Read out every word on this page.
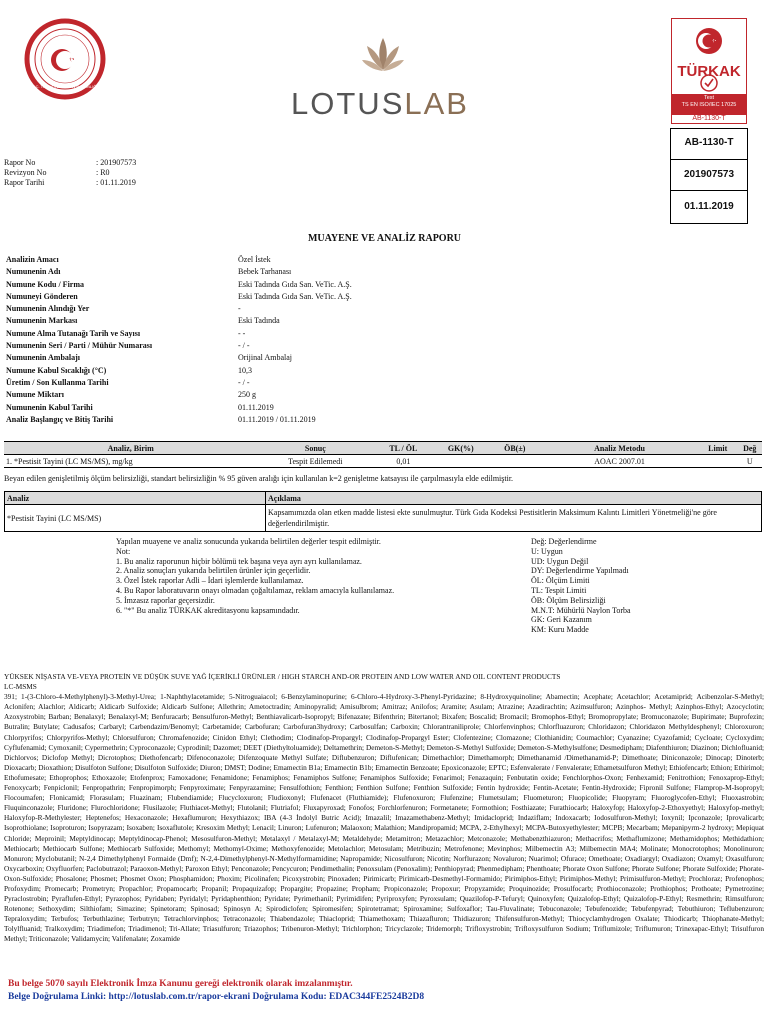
T.C. TARIM VE ORMAN BAKANLIĞI	LOTUSLAB
TÜRKAK
Test
TS EN ISO/IEC 17025
AB-1130-T
AB-1130-T
201907573
01.11.2019
Rapor No	: 201907573
Revizyon No	: R0
Rapor Tarihi	: 01.11.2019
MUAYENE VE ANALİZ RAPORU
Analizin Amacı	Özel İstek
Numunenin Adı	Bebek Tarhanası
Numune Kodu / Firma	Eski Tadında Gıda San. VeTic. A.Ş.
Numuneyi Gönderen	Eski Tadında Gıda San. VeTic. A.Ş.
Numunenin Alındığı Yer	-
Numunenin Markası	Eski Tadında
Numune Alma Tutanağı Tarih ve Sayısı	- -
Numunenin Seri / Parti / Mühür Numarası	- / -
Numunenin Ambalajı	Orijinal Ambalaj
Numune Kabul Sıcaklığı (°C)	10,3
Üretim / Son Kullanma Tarihi	- / -
Numune Miktarı	250 g
Numunenin Kabul Tarihi	01.11.2019
Analiz Başlangıç ve Bitiş Tarihi	01.11.2019 / 01.11.2019
Analiz, Birim	Sonuç	TL / ÖL	GK(%)	ÖB(±)	Analiz Metodu	Limit	Değ
1. *Pestisit Tayini (LC MS/MS), mg/kg	Tespit Edilemedi	0,01			AOAC 2007.01		U
Beyan edilen genişletilmiş ölçüm belirsizliği, standart belirsizliğin % 95 güven aralığı için kullanılan k=2 genişletme katsayısı ile çarpılmasıyla elde edilmiştir.
Analiz	Açıklama
*Pestisit Tayini (LC MS/MS)	Kapsamımızda olan etken madde listesi ekte sunulmuştur. Türk Gıda Kodeksi Pestisitlerin Maksimum Kalıntı Limitleri Yönetmeliği'ne göre değerlendirilmiştir.
Yapılan muayene ve analiz sonucunda yukarıda belirtilen değerler tespit edilmiştir.
Not:
1. Bu analiz raporunun hiçbir bölümü tek başına veya ayrı ayrı kullanılamaz.
2. Analiz sonuçları yukarıda belirtilen ürünler için geçerlidir.
3. Özel İstek raporlar Adli – İdari işlemlerde kullanılamaz.
4. Bu Rapor laboratuvarın onayı olmadan çoğaltılamaz, reklam amacıyla kullanılamaz.
5. İmzasız raporlar geçersizdir.
6. "*" Bu analiz TÜRKAK akreditasyonu kapsamındadır.
Değ: Değerlendirme
U: Uygun
UD: Uygun Değil
DY: Değerlendirme Yapılmadı
ÖL: Ölçüm Limiti
TL: Tespit Limiti
ÖB: Ölçüm Belirsizliği
M.N.T: Mühürlü Naylon Torba
GK: Geri Kazanım
KM: Kuru Madde
YÜKSEK NİŞASTA VE-VEYA PROTEİN VE DÜŞÜK SUVE YAĞ İÇERİKLİ ÜRÜNLER / HIGH STARCH AND-OR PROTEIN AND LOW WATER AND OIL CONTENT PRODUCTS
LC-MSMS
391; 1-(3-Chloro-4-Methylphenyl)-3-Methyl-Urea; 1-Naphthylacetamide; 5-Nitroguaiacol; 6-Benzylaminopurine; 6-Chloro-4-Hydroxy-3-Phenyl-Pyridazine; 8-Hydroxyquinoline; Abamectin; Acephate; Acetachlor; Acetamiprid; Acibenzolar-S-Methyl; Aclonifen; Alachlor; Aldicarb; Aldicarb Sulfoxide; Aldicarb Sulfone; Allethrin; Ametoctradin; Aminopyralid; Amisulbrom; Amitraz; Anilofos; Aramite; Asulam; Atrazine; Azadirachtin; Azimsulfuron; Azinphos- Methyl; Azinphos-Ethyl; Azocyclotin; Azoxystrobin; Barban; Benalaxyl; Benalaxyl-M; Benfuracarb; Bensulfuron-Methyl; Benthiavalicarb-Isopropyl; Bifenazate; Bifenthrin; Bitertanol; Bixafen; Boscalid; Bromacil; Bromophos-Ethyl; Bromopropylate; Bromuconazole; Bupirimate; Buprofezin; Butralin; Butylate; Cadusafos; Carbaryl; Carbendazim/Benomyl; Carbetamide; Carbofuran; Carbofuran3hydroxy; Carbosulfan; Carboxin; Chlorantraniliprole; Chlorfenvinphos; Chlorfluazuron; Chloridazon; Chloridazon Methyldesphenyl; Chloroxuron; Chlorpyrifos; Chlorpyrifos-Methyl; Chlorsulfuron; Chromafenozide; Cinidon Ethyl; Clethodim; Clodinafop-Propargyl; Clodinafop-Propargyl Ester; Clofentezine; Clomazone; Clothianidin; Coumachlor; Cyanazine; Cyazofamid; Cycloate; Cycloxydim; Cyflufenamid; Cymoxanil; Cypermethrin; Cyproconazole; Cyprodinil; Dazomet; DEET (Diethyltoluamide); Deltamethrin; Demeton-S-Methyl; Demeton-S-Methyl Sulfoxide; Demeton-S-Methylsulfone; Desmedipham; Diafenthiuron; Diazinon; Dichlofluanid; Dichlorvos; Diclofop Methyl; Dicrotophos; Diethofencarb; Difenoconazole; Difenzoquate Methyl Sulfate; Diflubenzuron; Diflufenican; Dimethachlor; Dimethamorph; Dimethanamid /Dimethanamid-P; Dimethoate; Diniconazole; Dinocap; Dinoterb; Dioxacarb; Dioxathion; Disulfoton Sulfone; Disulfoton Sulfoxide; Diuron; DMST; Dodine; Emamectin B1a; Emamectin B1b; Emamectin Benzoate; Epoxiconazole; EPTC; Esfenvalerate / Fenvalerate; Ethametsulfuron Methyl; Ethiofencarb; Ethion; Ethirimol; Ethofumesate; Ethoprophos; Ethoxazole; Etofenprox; Famoxadone; Fenamidone; Fenamiphos; Fenamiphos Sulfone; Fenamiphos Sulfoxide; Fenarimol; Fenazaquin; Fenbutatin oxide; Fenchlorphos-Oxon; Fenhexamid; Fenitrothion; Fenoxaprop-Ethyl; Fenoxycarb; Fenpiclonil; Fenpropathrin; Fenpropimorph; Fenpyroximate; Fenpyrazamine; Fensulfothion; Fenthion; Fenthion Sulfone; Fenthion Sulfoxide; Fentin hydroxide; Fentin-Acetate; Fentin-Hydroxide; Fipronil Sulfone; Flamprop-M-Isopropyl; Flocoumafen; Flonicamid; Florasulam; Fluazinam; Flubendiamide; Flucycloxuron; Fludioxonyl; Flufenacet (Fluthiamide); Flufenoxuron; Flufenzine; Flumetsulam; Fluometuron; Fluopicolide; Fluopyram; Fluoroglycofen-Ethyl; Fluoxastrobin; Fluquinconazole; Fluridone; Flurochloridone; Flusilazole; Fluthiacet-Methyl; Flutolanil; Flutriafol; Fluxapyroxad; Fonofos; Forchlorfenuron; Formetanete; Formothion; Fosthiazate; Furathiocarb; Haloxyfop; Haloxyfop-2-Ethoxyethyl; Haloxyfop-methyl; Haloxyfop-R-Methylester; Heptenefos; Hexaconazole; Hexaflumuron; Hexythiazox; IBA (4-3 İndolyl Butric Acid); Imazalil; Imazamethabenz-Methyl; Imidacloprid; Indaziflam; Indoxacarb; Iodosulfuron-Methyl; Ioxynil; Ipconazole; Iprovalicarb; Isoprothiolane; Isoproturon; Isopyrazam; Isoxaben; Isoxaflutole; Kresoxim Methyl; Lenacil; Linuron; Lufenuron; Malaoxon; Malathion; Mandipropamid; MCPA, 2-Ethylhexyl; MCPA-Butoxyethylester; MCPB; Mecarbam; Mepanipyrm-2 hydroxy; Mepiquat Chloride; Meproinil; Meptyldinocap; Meptyldinocap-Phenol; Mesosulfuron-Methyl; Metalaxyl / Metalaxyl-M; Metaldehyde; Metamitron; Metazachlor; Metconazole; Methabenzthiazuron; Methacrifos; Methaflumizone; Methamidophos; Methidathion; Methiocarb; Methiocarb Sulfone; Methiocarb Sulfoxide; Methomyl; Methomyl-Oxime; Methoxyfenozide; Metolachlor; Metosulam; Metribuzin; Metrofenone; Mevinphos; Milbemectin A3; Milbemectin MA4; Molinate; Monocrotophos; Monolinuron; Monuron; Myclobutanil; N-2,4 Dimethylphenyl Formaide (Dmf); N-2,4-Dimethylphenyl-N-Methylformamidine; Napropamide; Nicosulfuron; Nicotin; Norflurazon; Novaluron; Nuarimol; Ofurace; Omethoate; Oxadiargyl; Oxadiazon; Oxamyl; Oxasulfuron; Oxycarboxin; Oxyfluorfen; Paclobutrazol; Paraoxon-Methyl; Paroxon Ethyl; Penconazole; Pencycuron; Pendimethalin; Penoxsulam (Penoxalim); Penthiopyrad; Phenmedipham; Phenthoate; Phorate Oxon Sulfone; Phorate Sulfone; Phorate Sulfoxide; Phorate-Oxon-Sulfoxide; Phosalone; Phosmet; Phosmet Oxon; Phosphamidon; Phoxim; Picolinafen; Picoxystrobin; Pinoxaden; Pirimicarb; Pirimicarb-Desmethyl-Formamido; Pirimiphos-Ethyl; Pirimiphos-Methyl; Primisulfuron-Methyl; Prochloraz; Profenophos; Profoxydim; Promecarb; Prometryn; Propachlor; Propamocarb; Propanil; Propaquizafop; Propargite; Propazine; Propham; Propiconazole; Propoxur; Propyzamide; Proquinozide; Prosulfocarb; Prothioconazole; Prothiophos; Prothoate; Pymetrozine; Pyraclostrobin; Pyraflufen-Ethyl; Pyrazophos; Pyridaben; Pyridalyl; Pyridaphenthion; Pyridate; Pyrimethanil; Pyrimidifen; Pyriproxyfen; Pyroxsulam; Quazilofop-P-Tefuryl; Quinoxyfen; Quizalofop-Ethyl; Quizalofop-P-Ethyl; Resmethrin; Rimsulfuron; Rotenone; Sethoxydim; Silthiofam; Simazine; Spinetoram; Spinosad; Spinosyn A; Spirodiclofen; Spiromesifen; Spirotetramat; Spiroxamine; Sulfoxaflor; Tau-Fluvalinate; Tebuconazole; Tebufenozide; Tebufenpyrad; Tebuthiuron; Teflubenzuron; Tepraloxydim; Terbufos; Terbuthlazine; Terbutryn; Tetrachlorvinphos; Tetraconazole; Thiabendazole; Thiacloprid; Thiamethoxam; Thiazafluron; Thidiazuron; Thifensulfuron-Methyl; Thiocyclamhydrogen Oxalate; Thiodicarb; Thiophanate-Methyl; Tolylfluanid; Tralkoxydim; Triadimefon; Triadimenol; Tri-Allate; Triasulfuron; Triazophos; Tribenuron-Methyl; Trichlorphon; Tricyclazole; Tridemorph; Trifloxystrobin; Trifloxysulfuron Sodium; Triflumizole; Triflumuron; Trinexapac-Ethyl; Trisulfuron Methyl; Triticonazole; Validamycin; Valifenalate; Zoxamide
Bu belge 5070 sayılı Elektronik İmza Kanunu gereği elektronik olarak imzalanmıştır.
Belge Doğrulama Linki: http://lotuslab.com.tr/rapor-ekrani Doğrulama Kodu: EDAC344FE2524B2D8
